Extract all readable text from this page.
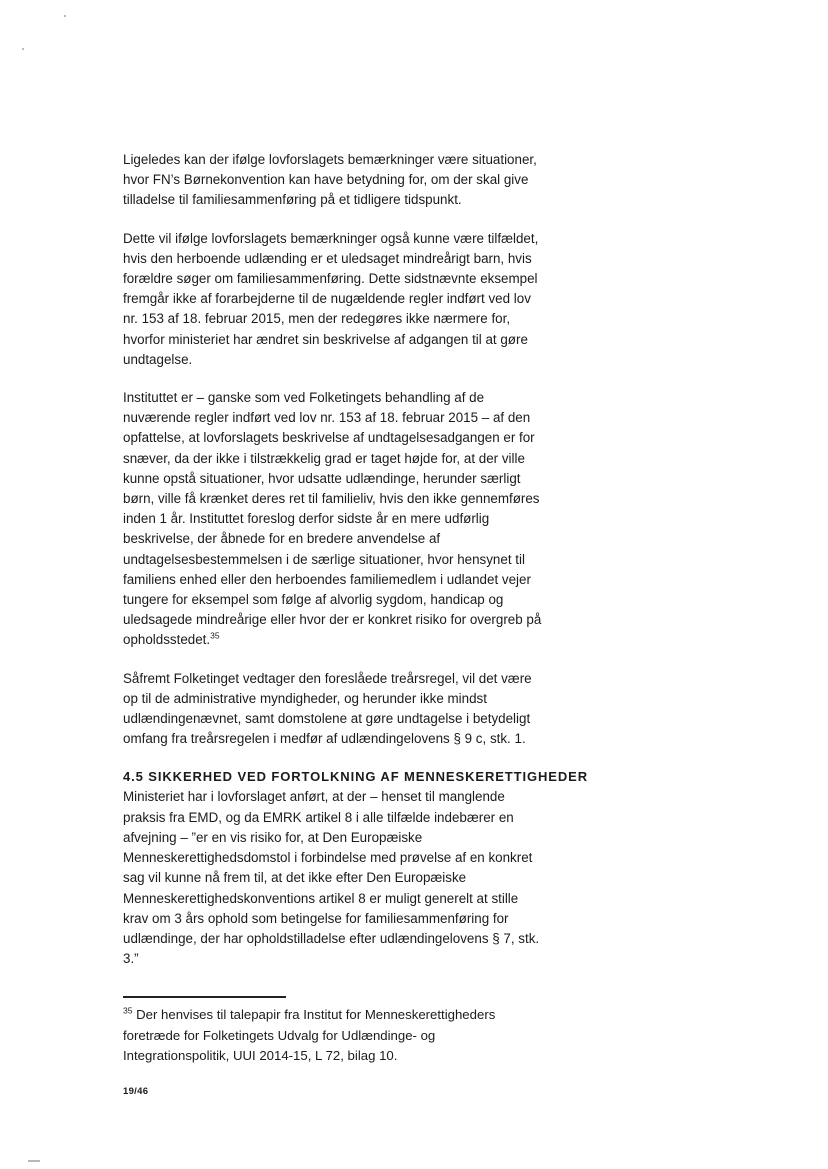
Ligeledes kan der ifølge lovforslagets bemærkninger være situationer,
hvor FN’s Børnekonvention kan have betydning for, om der skal give
tilladelse til familiesammenføring på et tidligere tidspunkt.

Dette vil ifølge lovforslagets bemærkninger også kunne være tilfældet,
hvis den herboende udlænding er et uledsaget mindreårigt barn, hvis
forældre søger om familiesammenføring. Dette sidstnævnte eksempel
fremgår ikke af forarbejderne til de nugældende regler indført ved lov
nr. 153 af 18. februar 2015, men der redegøres ikke nærmere for,
hvorfor ministeriet har ændret sin beskrivelse af adgangen til at gøre
undtagelse.

Instituttet er – ganske som ved Folketingets behandling af de
nuværende regler indført ved lov nr. 153 af 18. februar 2015 – af den
opfattelse, at lovforslagets beskrivelse af undtagelsesadgangen er for
snæver, da der ikke i tilstrækkelig grad er taget højde for, at der ville
kunne opstå situationer, hvor udsatte udlændinge, herunder særligt
børn, ville få krænket deres ret til familieliv, hvis den ikke gennemføres
inden 1 år. Instituttet foreslog derfor sidste år en mere udførlig
beskrivelse, der åbnede for en bredere anvendelse af
undtagelsesbestemmelsen i de særlige situationer, hvor hensynet til
familiens enhed eller den herboendes familiemedlem i udlandet vejer
tungere for eksempel som følge af alvorlig sygdom, handicap og
uledsagede mindreårige eller hvor der er konkret risiko for overgreb på
opholdsstedet.$^{35}$

Såfremt Folketinget vedtager den foreslåede treårsregel, vil det være
op til de administrative myndigheder, og herunder ikke mindst
udlændingenævnet, samt domstolene at gøre undtagelse i betydeligt
omfang fra treårsregelen i medfør af udlændingelovens § 9 c, stk. 1.

4.5 SIKKERHED VED FORTOLKNING AF MENNESKERETTIGHEDER

Ministeriet har i lovforslaget anført, at der – henset til manglende
praksis fra EMD, og da EMRK artikel 8 i alle tilfælde indebærer en
afvejning – ”er en vis risiko for, at Den Europæiske
Menneskerettighedsdomstol i forbindelse med prøvelse af en konkret
sag vil kunne nå frem til, at det ikke efter Den Europæiske
Menneskerettighedskonventions artikel 8 er muligt generelt at stille
krav om 3 års ophold som betingelse for familiesammenføring for
udlændinge, der har opholdstilladelse efter udlændingelovens § 7, stk.
3.”

$^{35}$ Der henvises til talepapir fra Institut for Menneskerettigheders
foretræde for Folketingets Udvalg for Udlændinge- og
Integrationspolitik, UUI 2014-15, L 72, bilag 10.
19/46
